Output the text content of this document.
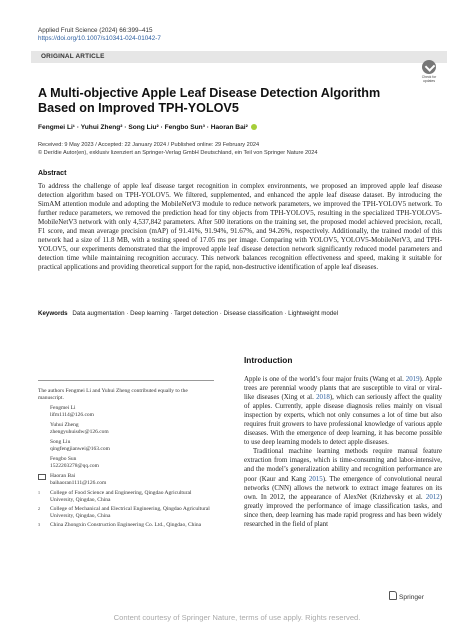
Applied Fruit Science (2024) 66:399–415
https://doi.org/10.1007/s10341-024-01042-7
ORIGINAL ARTICLE
Check for updates
A Multi-objective Apple Leaf Disease Detection Algorithm Based on Improved TPH-YOLOV5
Fengmei Li¹ · Yuhui Zheng² · Song Liu² · Fengbo Sun³ · Haoran Bai²
Received: 9 May 2023 / Accepted: 22 January 2024 / Published online: 29 February 2024
© Der/die Autor(en), exklusiv lizenziert an Springer-Verlag GmbH Deutschland, ein Teil von Springer Nature 2024
Abstract
To address the challenge of apple leaf disease target recognition in complex environments, we proposed an improved apple leaf disease detection algorithm based on TPH-YOLOV5. We filtered, supplemented, and enhanced the apple leaf disease dataset. By introducing the SimAM attention module and adopting the MobileNetV3 module to reduce network parameters, we improved the TPH-YOLOV5 network. To further reduce parameters, we removed the prediction head for tiny objects from TPH-YOLOV5, resulting in the specialized TPH-YOLOV5-MobileNetV3 network with only 4,537,842 parameters. After 500 iterations on the training set, the proposed model achieved precision, recall, F1 score, and mean average precision (mAP) of 91.41%, 91.94%, 91.67%, and 94.26%, respectively. Additionally, the trained model of this network had a size of 11.8 MB, with a testing speed of 17.05 ms per image. Comparing with YOLOV5, YOLOV5-MobileNetV3, and TPH-YOLOV5, our experiments demonstrated that the improved apple leaf disease detection network significantly reduced model parameters and detection time while maintaining recognition accuracy. This network balances recognition effectiveness and speed, making it suitable for practical applications and providing theoretical support for the rapid, non-destructive identification of apple leaf diseases.
Keywords Data augmentation · Deep learning · Target detection · Disease classification · Lightweight model

The authors Fengmei Li and Yuhui Zheng contributed equally to the manuscript.

Fengmei Li
lifm1114@126.com
Yuhui Zheng
zhengyuhuisdw@126.com
Song Liu
qingfengjianwei@163.com
Fengbo Sun
1522203278@qq.com
Haoran Bai
baihaoran1111@126.com
1 College of Food Science and Engineering, Qingdao Agricultural University, Qingdao, China
2 College of Mechanical and Electrical Engineering, Qingdao Agricultural University, Qingdao, China
3 China Zhongxin Construction Engineering Co. Ltd., Qingdao, China
Introduction

Apple is one of the world’s four major fruits (Wang et al. 2019). Apple trees are perennial woody plants that are susceptible to viral or viral-like diseases (Xing et al. 2018), which can seriously affect the quality of apples. Currently, apple disease diagnosis relies mainly on visual inspection by experts, which not only consumes a lot of time but also requires fruit growers to have professional knowledge of various apple diseases. With the emergence of deep learning, it has become possible to use deep learning models to detect apple diseases.

Traditional machine learning methods require manual feature extraction from images, which is time-consuming and labor-intensive, and the model’s generalization ability and recognition performance are poor (Kaur and Kang 2015). The emergence of convolutional neural networks (CNN) allows the network to extract image features on its own. In 2012, the appearance of AlexNet (Krizhevsky et al. 2012) greatly improved the performance of image classification tasks, and since then, deep learning has made rapid progress and has been widely researched in the field of plant

Springer
Content courtesy of Springer Nature, terms of use apply. Rights reserved.
